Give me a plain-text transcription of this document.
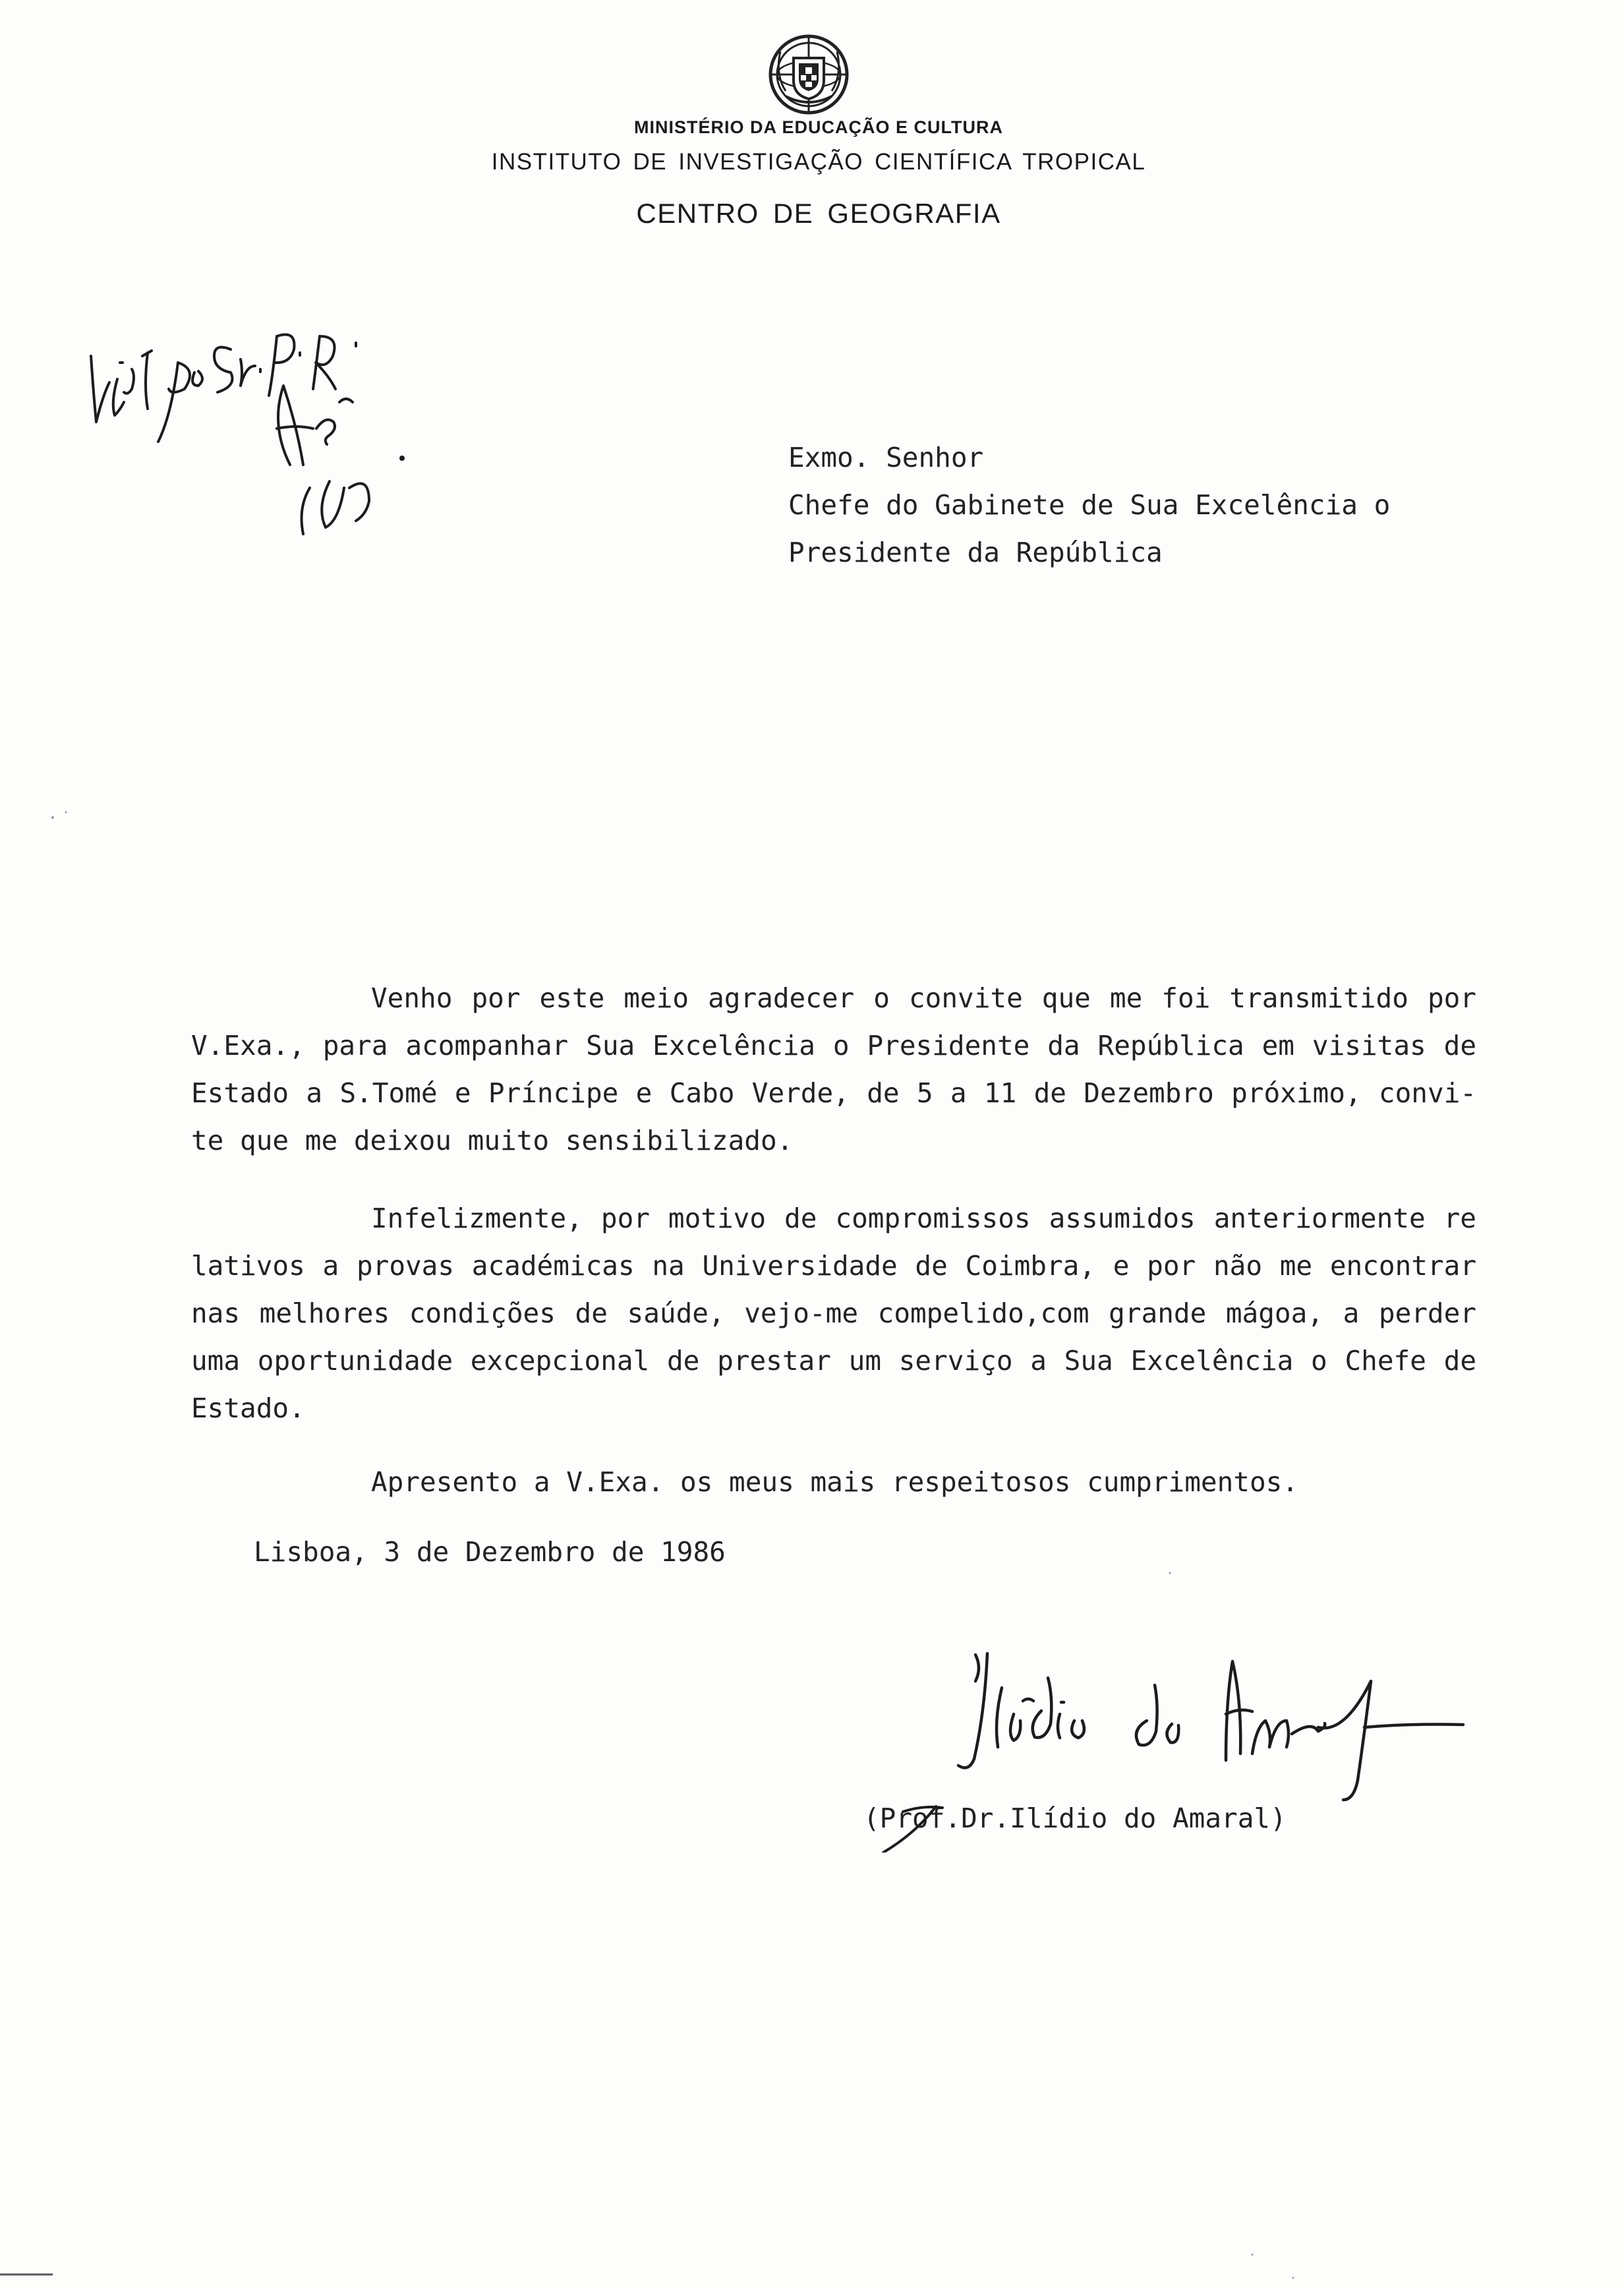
MINISTÉRIO DA EDUCAÇÃO E CULTURA
INSTITUTO DE INVESTIGAÇÃO CIENTÍFICA TROPICAL
CENTRO DE GEOGRAFIA
Exmo. Senhor
Chefe do Gabinete de Sua Excelência o
Presidente da República
Venho por este meio agradecer o convite que me foi transmitido por
V.Exa., para acompanhar Sua Excelência o Presidente da República em visitas de
Estado a S.Tomé e Príncipe e Cabo Verde, de 5 a 11 de Dezembro próximo, convi-
te que me deixou muito sensibilizado.
Infelizmente, por motivo de compromissos assumidos anteriormente re
lativos a provas académicas na Universidade de Coimbra, e por não me encontrar
nas melhores condições de saúde, vejo-me compelido,com grande mágoa, a perder
uma oportunidade excepcional de prestar um serviço a Sua Excelência o Chefe de
Estado.
Apresento a V.Exa. os meus mais respeitosos cumprimentos.
Lisboa, 3 de Dezembro de 1986
(Prof.Dr.Ilídio do Amaral)
